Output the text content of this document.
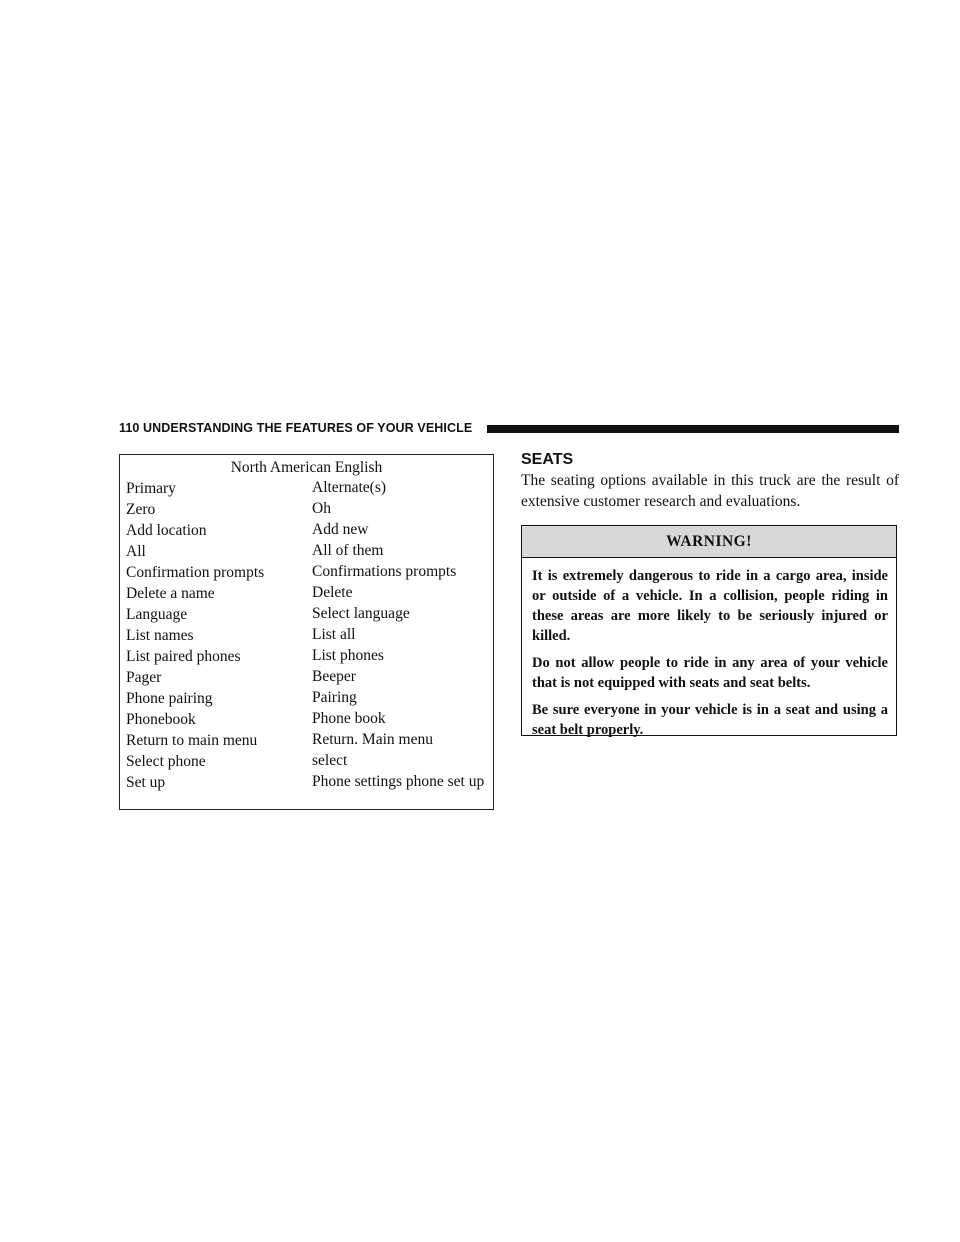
110 UNDERSTANDING THE FEATURES OF YOUR VEHICLE
North American English
Primary	Alternate(s)
Zero	Oh
Add location	Add new
All	All of them
Confirmation prompts	Confirmations prompts
Delete a name	Delete
Language	Select language
List names	List all
List paired phones	List phones
Pager	Beeper
Phone pairing	Pairing
Phonebook	Phone book
Return to main menu	Return. Main menu
Select phone	select
Set up	Phone settings phone set up
SEATS
The seating options available in this truck are the result of extensive customer research and evaluations.
WARNING!

It is extremely dangerous to ride in a cargo area, inside or outside of a vehicle. In a collision, people riding in these areas are more likely to be seriously injured or killed.

Do not allow people to ride in any area of your vehicle that is not equipped with seats and seat belts.

Be sure everyone in your vehicle is in a seat and using a seat belt properly.
